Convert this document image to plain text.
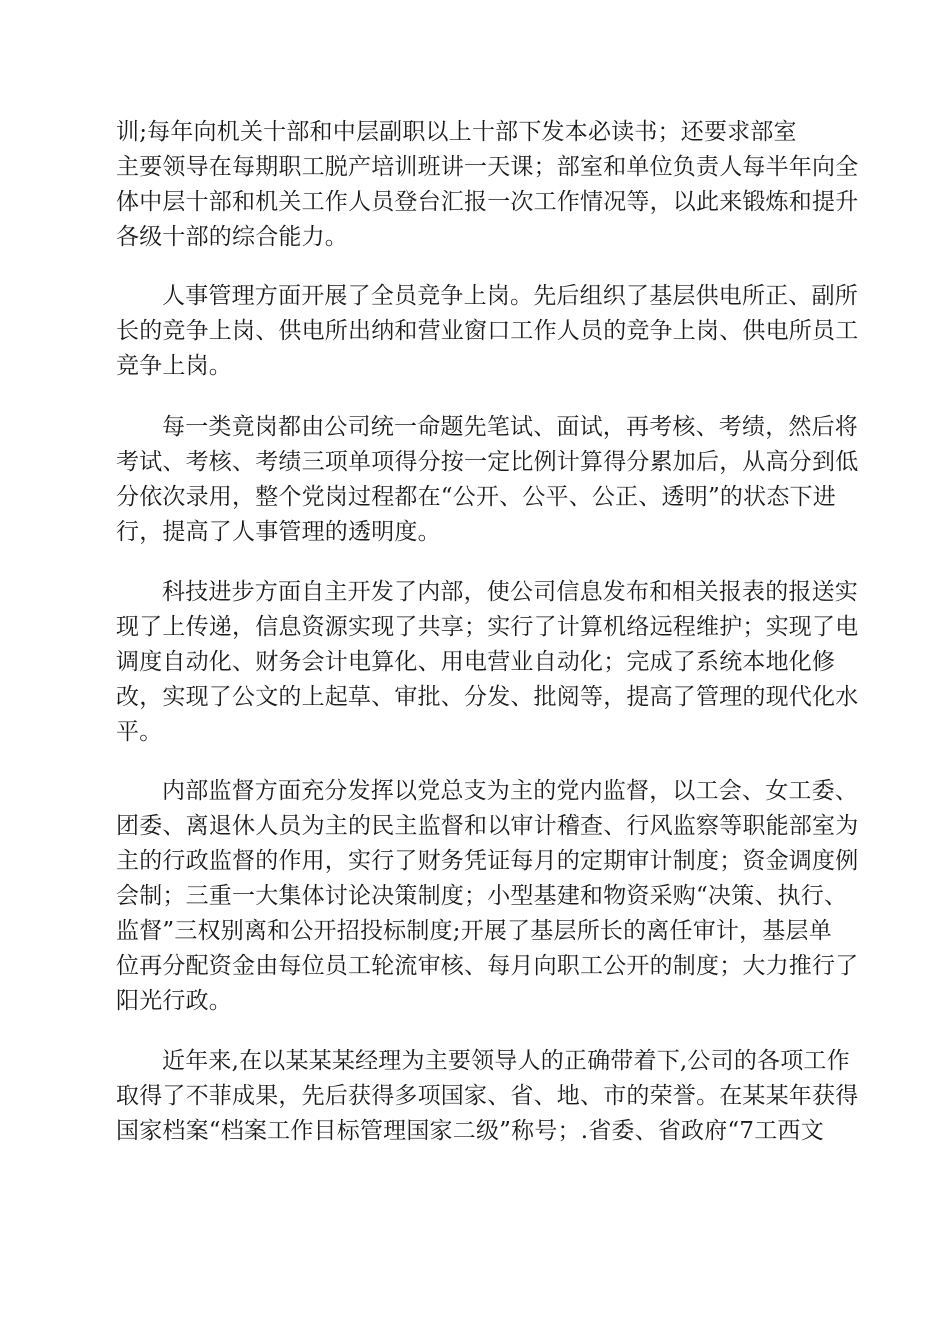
训;每年向机关十部和中层副职以上十部下发本必读书；还要求部室
主要领导在每期职工脱产培训班讲一天课；部室和单位负责人每半年向全
体中层十部和机关工作人员登台汇报一次工作情况等，以此来锻炼和提升
各级十部的综合能力。
人事管理方面开展了全员竞争上岗。先后组织了基层供电所正、副所
长的竞争上岗、供电所出纳和营业窗口工作人员的竞争上岗、供电所员工
竞争上岗。
每一类竟岗都由公司统一命题先笔试、面试，再考核、考绩，然后将
考试、考核、考绩三项单项得分按一定比例计算得分累加后，从高分到低
分依次录用，整个党岗过程都在“公开、公平、公正、透明”的状态下进
行，提高了人事管理的透明度。
科技进步方面自主开发了内部，使公司信息发布和相关报表的报送实
现了上传递，信息资源实现了共享；实行了计算机络远程维护；实现了电
调度自动化、财务会计电算化、用电营业自动化；完成了系统本地化修
改，实现了公文的上起草、审批、分发、批阅等，提高了管理的现代化水
平。
内部监督方面充分发挥以党总支为主的党内监督，以工会、女工委、
团委、离退休人员为主的民主监督和以审计稽查、行风监察等职能部室为
主的行政监督的作用，实行了财务凭证每月的定期审计制度；资金调度例
会制；三重一大集体讨论决策制度；小型基建和物资采购“决策、执行、
监督”三权别离和公开招投标制度;开展了基层所长的离任审计，基层单
位再分配资金由每位员工轮流审核、每月向职工公开的制度；大力推行了
阳光行政。
近年来,在以某某某经理为主要领导人的正确带着下,公司的各项工作
取得了不菲成果，先后获得多项国家、省、地、市的荣誉。在某某年获得
国家档案“档案工作目标管理国家二级”称号；.省委、省政府“7工西文
